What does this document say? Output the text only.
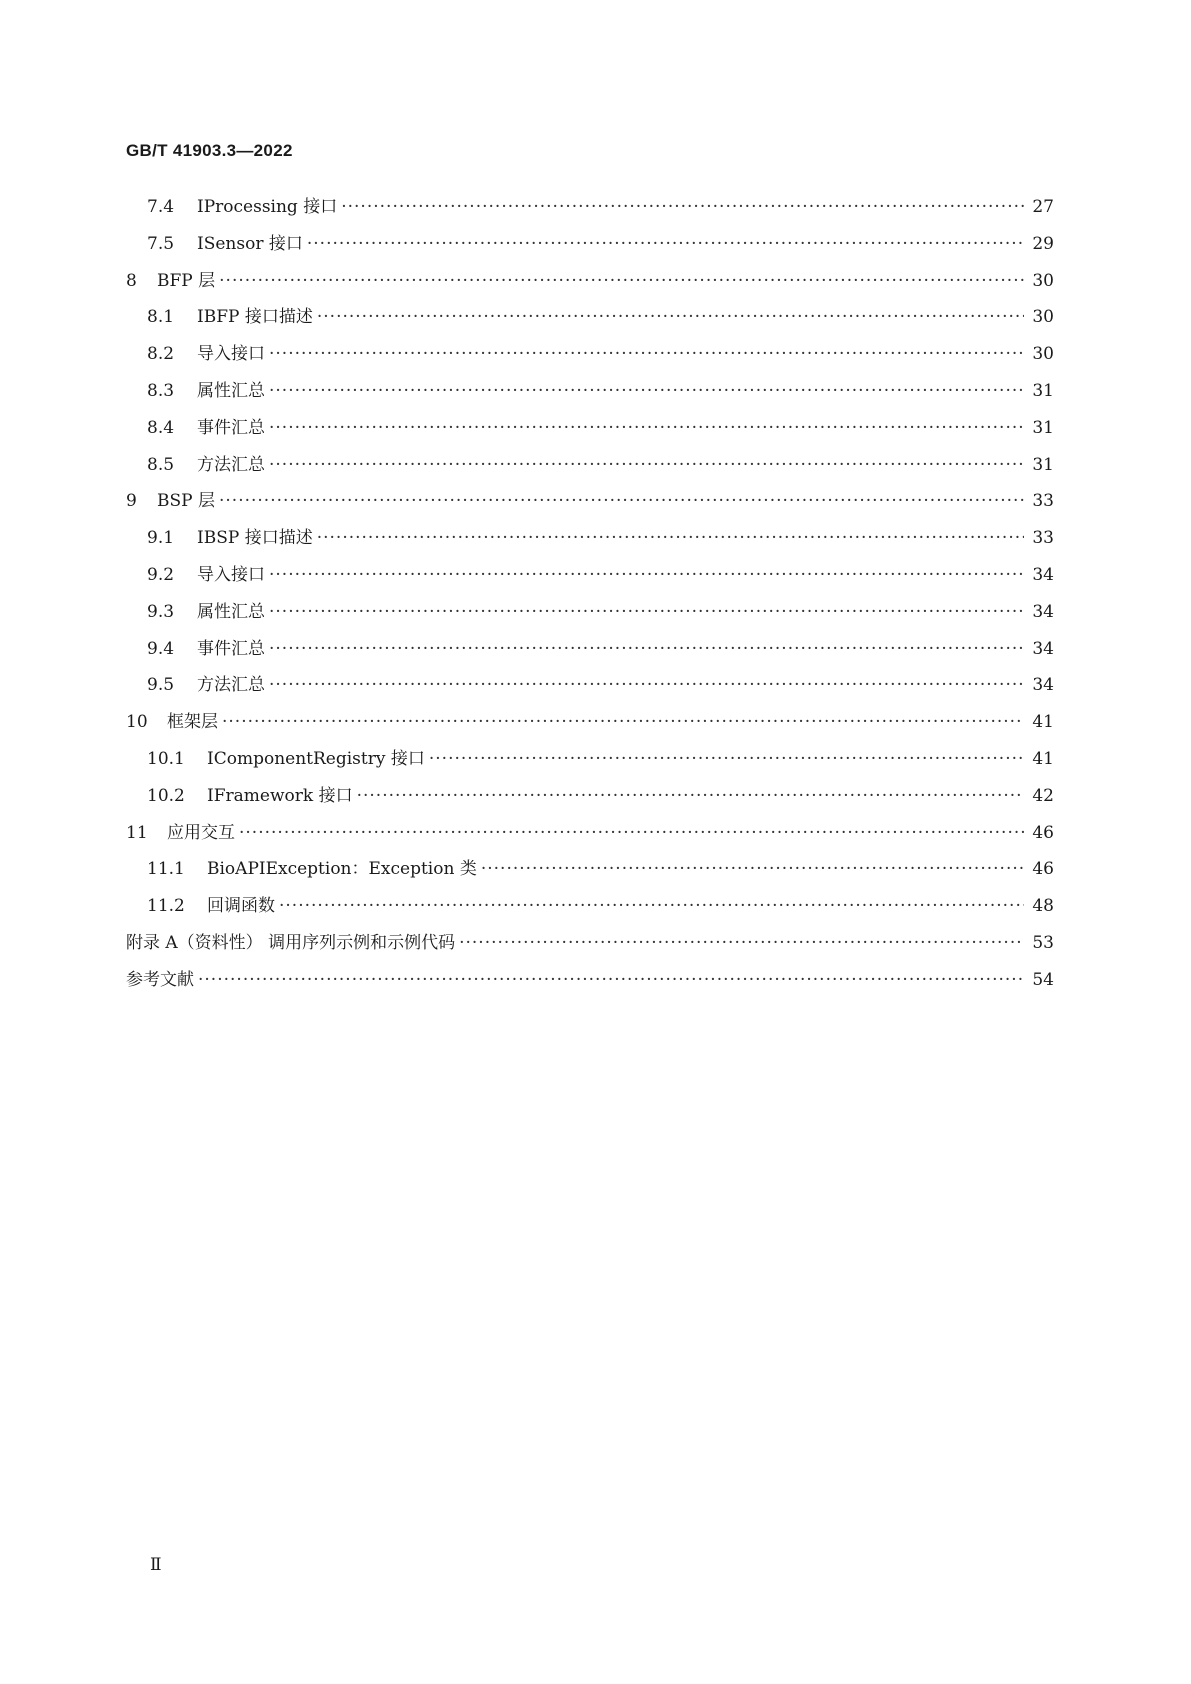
GB/T 41903.3—2022
7.4	IProcessing 接口 ·····	27
7.5	ISensor 接口 ·····	29
8	BFP 层 ·····	30
8.1	IBFP 接口描述 ·····	30
8.2	导入接口 ·····	30
8.3	属性汇总 ·····	31
8.4	事件汇总 ·····	31
8.5	方法汇总 ·····	31
9	BSP 层 ·····	33
9.1	IBSP 接口描述 ·····	33
9.2	导入接口 ·····	34
9.3	属性汇总 ·····	34
9.4	事件汇总 ·····	34
9.5	方法汇总 ·····	34
10	框架层 ·····	41
10.1	IComponentRegistry 接口 ·····	41
10.2	IFramework 接口 ·····	42
11	应用交互 ·····	46
11.1	BioAPIException：Exception 类 ·····	46
11.2	回调函数 ·····	48
附录 A（资料性） 调用序列示例和示例代码 ·····	53
参考文献 ·····	54
Ⅱ
